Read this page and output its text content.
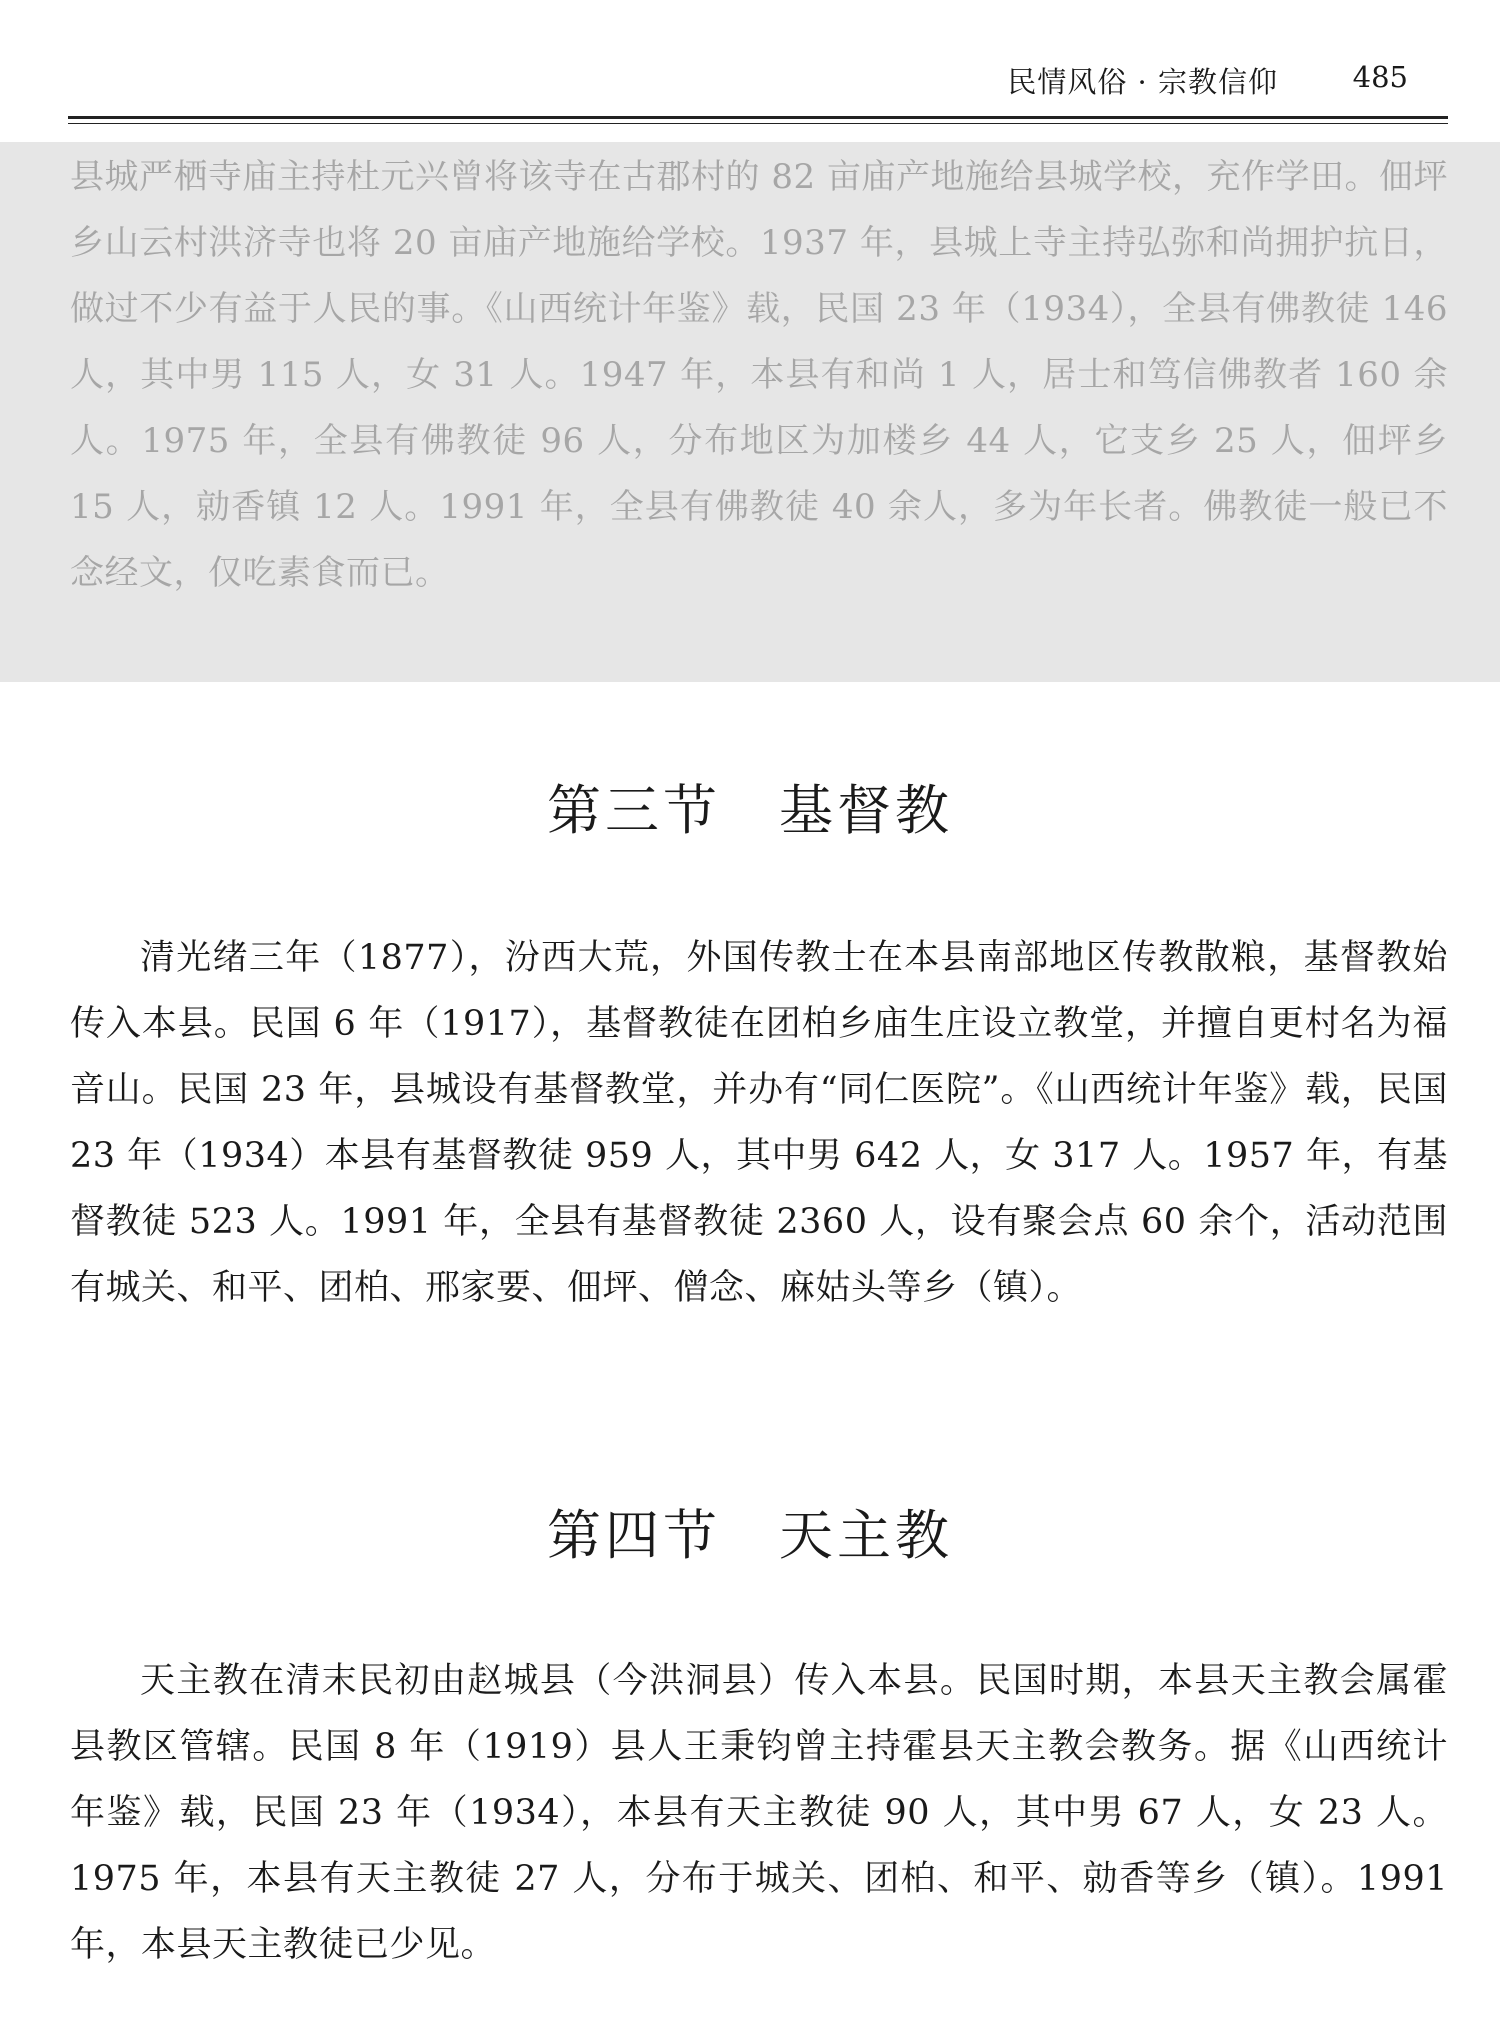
民情风俗 · 宗教信仰	485
县城严栖寺庙主持杜元兴曾将该寺在古郡村的 82 亩庙产地施给县城学校，充作学田。佃坪乡山云村洪济寺也将 20 亩庙产地施给学校。1937 年，县城上寺主持弘弥和尚拥护抗日，做过不少有益于人民的事。《山西统计年鉴》载，民国 23 年（1934），全县有佛教徒 146 人，其中男 115 人，女 31 人。1947 年，本县有和尚 1 人，居士和笃信佛教者 160 余人。1975 年，全县有佛教徒 96 人，分布地区为加楼乡 44 人，它支乡 25 人，佃坪乡 15 人，勍香镇 12 人。1991 年，全县有佛教徒 40 余人，多为年长者。佛教徒一般已不念经文，仅吃素食而已。
第三节　基督教
清光绪三年（1877），汾西大荒，外国传教士在本县南部地区传教散粮，基督教始传入本县。民国 6 年（1917），基督教徒在团柏乡庙生庄设立教堂，并擅自更村名为福音山。民国 23 年，县城设有基督教堂，并办有“同仁医院”。《山西统计年鉴》载，民国 23 年（1934）本县有基督教徒 959 人，其中男 642 人，女 317 人。1957 年，有基督教徒 523 人。1991 年，全县有基督教徒 2360 人，设有聚会点 60 余个，活动范围有城关、和平、团柏、邢家要、佃坪、僧念、麻姑头等乡（镇）。
第四节　天主教
天主教在清末民初由赵城县（今洪洞县）传入本县。民国时期，本县天主教会属霍县教区管辖。民国 8 年（1919）县人王秉钧曾主持霍县天主教会教务。据《山西统计年鉴》载，民国 23 年（1934），本县有天主教徒 90 人，其中男 67 人，女 23 人。1975 年，本县有天主教徒 27 人，分布于城关、团柏、和平、勍香等乡（镇）。1991 年，本县天主教徒已少见。
